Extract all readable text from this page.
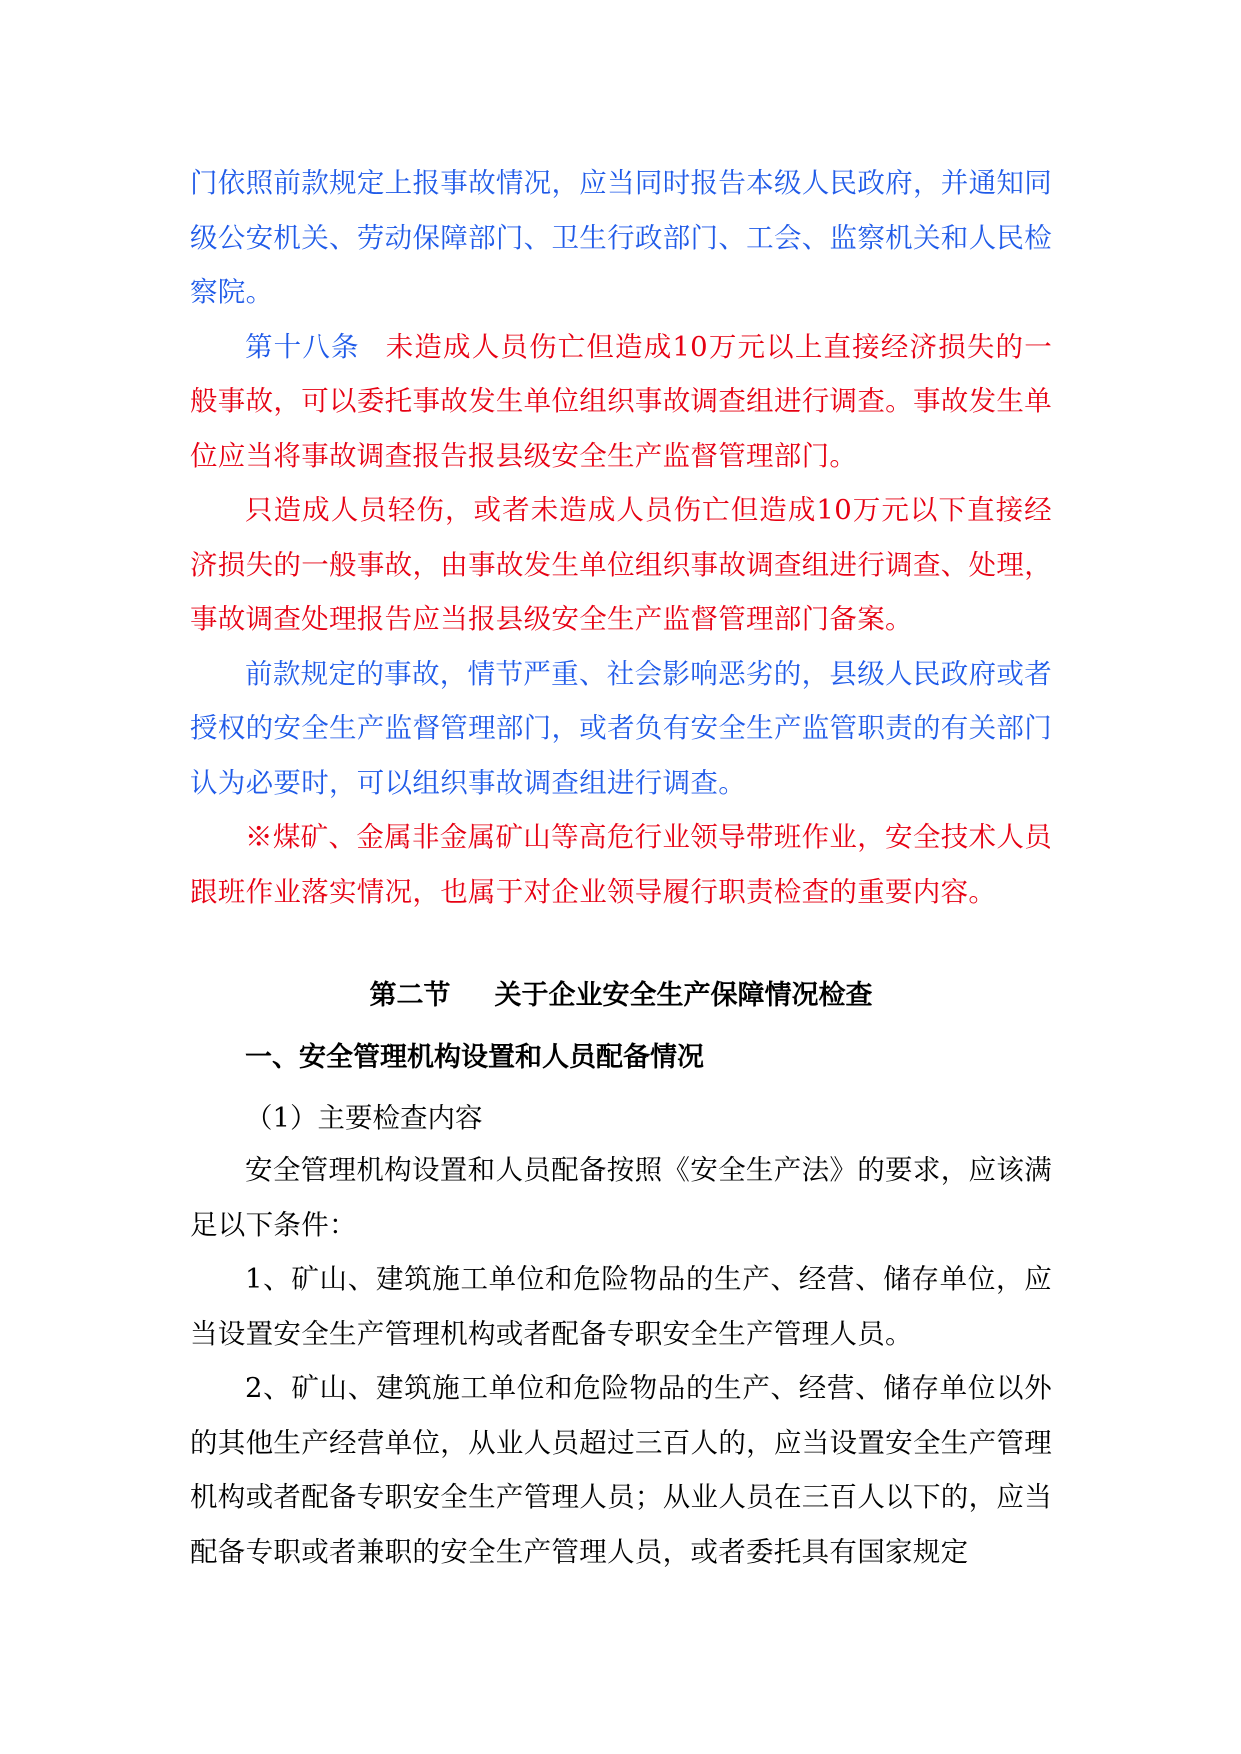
门依照前款规定上报事故情况，应当同时报告本级人民政府，并通知同级公安机关、劳动保障部门、卫生行政部门、工会、监察机关和人民检察院。

第十八条 未造成人员伤亡但造成10万元以上直接经济损失的一般事故，可以委托事故发生单位组织事故调查组进行调查。事故发生单位应当将事故调查报告报县级安全生产监督管理部门。

只造成人员轻伤，或者未造成人员伤亡但造成10万元以下直接经济损失的一般事故，由事故发生单位组织事故调查组进行调查、处理，事故调查处理报告应当报县级安全生产监督管理部门备案。

前款规定的事故，情节严重、社会影响恶劣的，县级人民政府或者授权的安全生产监督管理部门，或者负有安全生产监管职责的有关部门认为必要时，可以组织事故调查组进行调查。

※煤矿、金属非金属矿山等高危行业领导带班作业，安全技术人员跟班作业落实情况，也属于对企业领导履行职责检查的重要内容。

第二节 关于企业安全生产保障情况检查

一、安全管理机构设置和人员配备情况

（1）主要检查内容

安全管理机构设置和人员配备按照《安全生产法》的要求，应该满足以下条件：

1、矿山、建筑施工单位和危险物品的生产、经营、储存单位，应当设置安全生产管理机构或者配备专职安全生产管理人员。

2、矿山、建筑施工单位和危险物品的生产、经营、储存单位以外的其他生产经营单位，从业人员超过三百人的，应当设置安全生产管理机构或者配备专职安全生产管理人员；从业人员在三百人以下的，应当配备专职或者兼职的安全生产管理人员，或者委托具有国家规定
